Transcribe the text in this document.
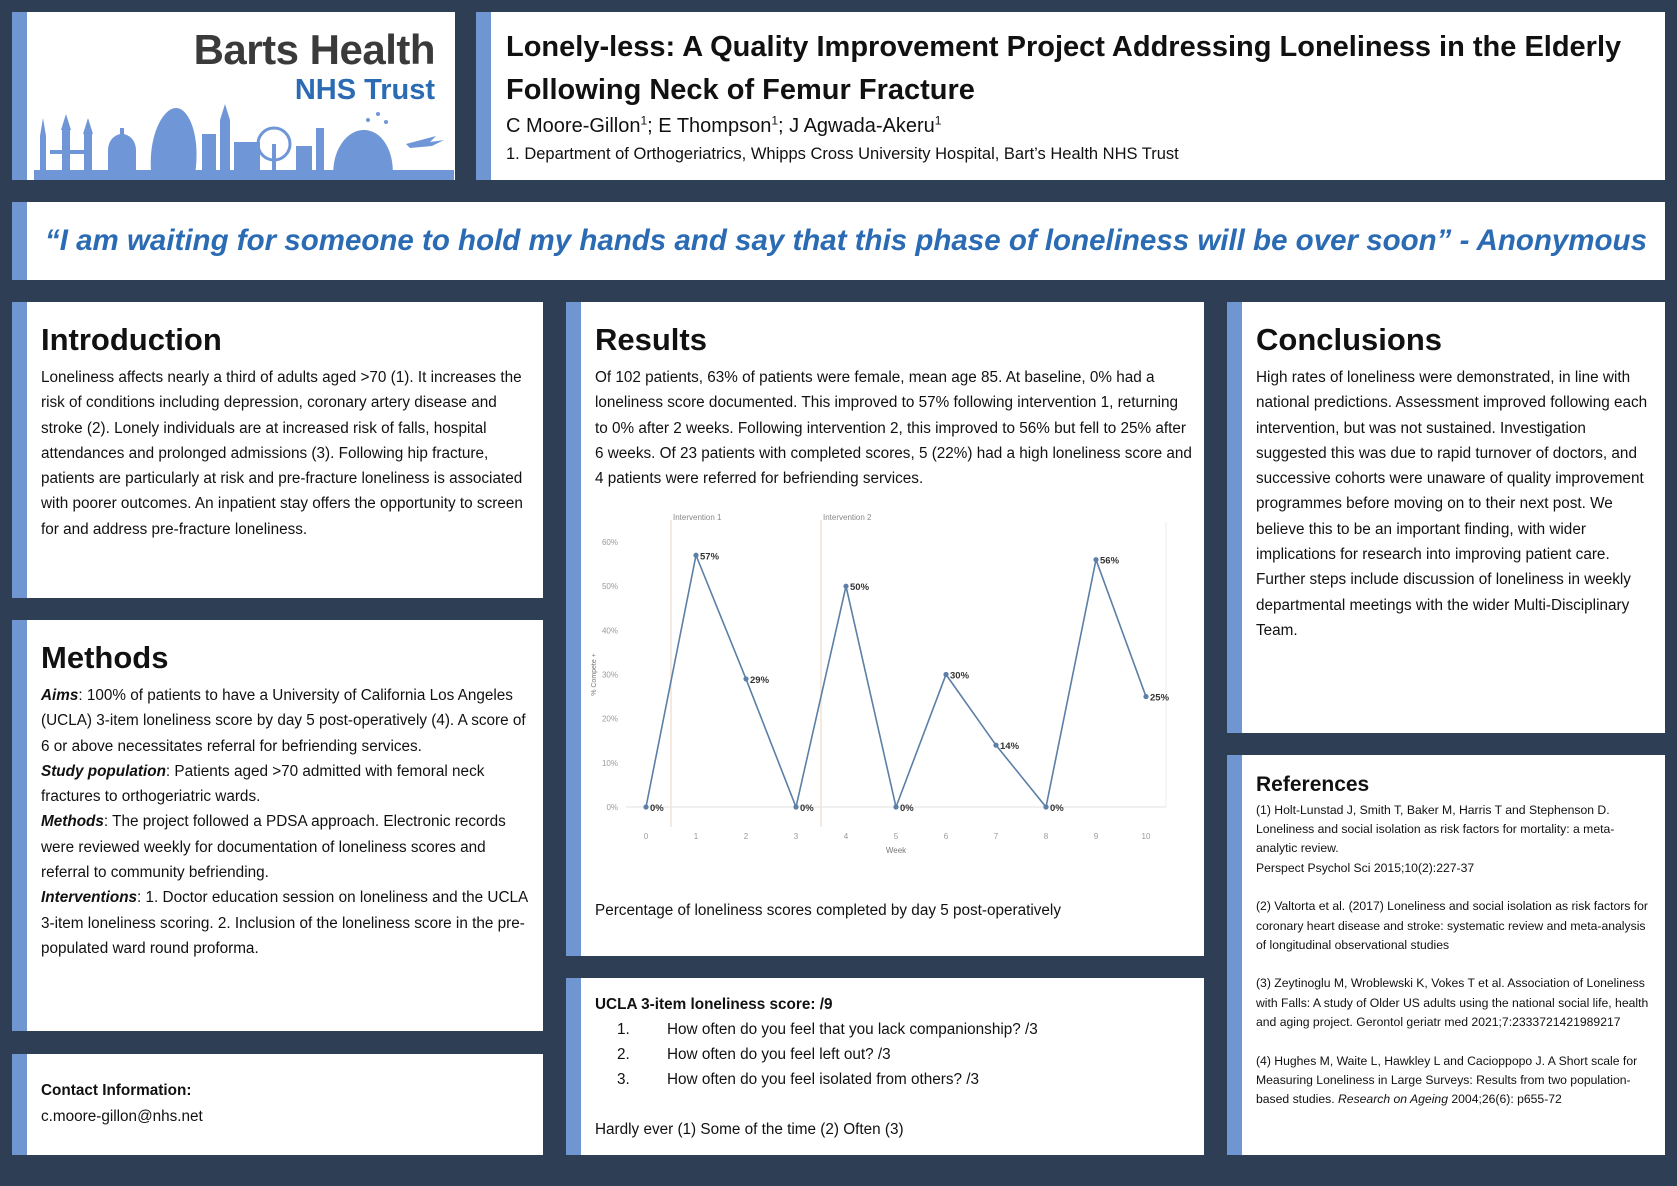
Barts Health
NHS Trust
Lonely-less: A Quality Improvement Project Addressing Loneliness in the Elderly Following Neck of Femur Fracture
C Moore-Gillon$^1$; E Thompson$^1$; J Agwada-Akeru$^1$
1. Department of Orthogeriatrics, Whipps Cross University Hospital, Bart’s Health NHS Trust
“I am waiting for someone to hold my hands and say that this phase of loneliness will be over soon” - Anonymous
Introduction
Loneliness affects nearly a third of adults aged >70 (1). It increases the risk of conditions including depression, coronary artery disease and stroke (2). Lonely individuals are at increased risk of falls, hospital attendances and prolonged admissions (3). Following hip fracture, patients are particularly at risk and pre-fracture loneliness is associated with poorer outcomes. An inpatient stay offers the opportunity to screen for and address pre-fracture loneliness.
Methods

Aims: 100% of patients to have a University of California Los Angeles (UCLA) 3-item loneliness score by day 5 post-operatively (4). A score of 6 or above necessitates referral for befriending services.

Study population: Patients aged >70 admitted with femoral neck fractures to orthogeriatric wards.

Methods: The project followed a PDSA approach. Electronic records were reviewed weekly for documentation of loneliness scores and referral to community befriending.

Interventions: 1. Doctor education session on loneliness and the UCLA 3-item loneliness scoring. 2. Inclusion of the loneliness score in the pre-populated ward round proforma.

Contact Information:
c.moore-gillon@nhs.net
Results
Of 102 patients, 63% of patients were female, mean age 85. At baseline, 0% had a loneliness score documented. This improved to 57% following intervention 1, returning to 0% after 2 weeks. Following intervention 2, this improved to 56% but fell to 25% after 6 weeks. Of 23 patients with completed scores, 5 (22%) had a high loneliness score and 4 patients were referred for befriending services.
0%
10%
20%
30%
40%
50%
60%
0	1	2	3	4	5	6	7	8	9	10
Week
% Compete +
Intervention 1	Intervention 2
0%
57%
29%
0%
50%
0%
30%
14%
0%
56%
25%
Percentage of loneliness scores completed by day 5 post-operatively
UCLA 3-item loneliness score: /9
1. How often do you feel that you lack companionship? /3
2. How often do you feel left out? /3
3. How often do you feel isolated from others? /3
Hardly ever (1) Some of the time (2) Often (3)
Conclusions
High rates of loneliness were demonstrated, in line with national predictions. Assessment improved following each intervention, but was not sustained. Investigation suggested this was due to rapid turnover of doctors, and successive cohorts were unaware of quality improvement programmes before moving on to their next post. We believe this to be an important finding, with wider implications for research into improving patient care. Further steps include discussion of loneliness in weekly departmental meetings with the wider Multi-Disciplinary Team.
References

(1) Holt-Lunstad J, Smith T, Baker M, Harris T and Stephenson D. Loneliness and social isolation as risk factors for mortality: a meta-analytic review.
Perspect Psychol Sci 2015;10(2):227-37

(2) Valtorta et al. (2017) Loneliness and social isolation as risk factors for coronary heart disease and stroke: systematic review and meta-analysis of longitudinal observational studies

(3) Zeytinoglu M, Wroblewski K, Vokes T et al. Association of Loneliness with Falls: A study of Older US adults using the national social life, health and aging project. Gerontol geriatr med 2021;7:2333721421989217

(4) Hughes M, Waite L, Hawkley L and Cacioppopo J. A Short scale for Measuring Loneliness in Large Surveys: Results from two population-based studies. Research on Ageing 2004;26(6): p655-72
